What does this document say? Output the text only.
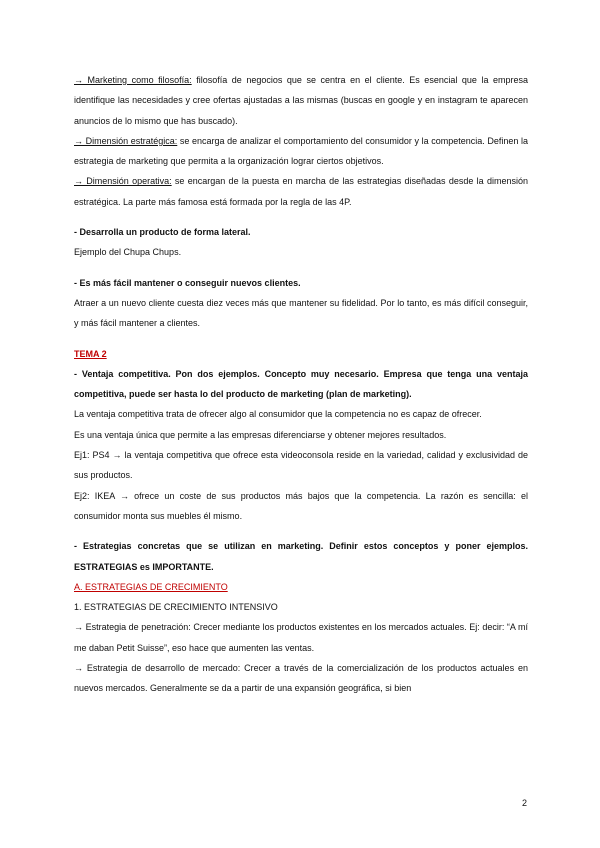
→ Marketing como filosofía: filosofía de negocios que se centra en el cliente. Es esencial que la empresa identifique las necesidades y cree ofertas ajustadas a las mismas (buscas en google y en instagram te aparecen anuncios de lo mismo que has buscado).

→ Dimensión estratégica: se encarga de analizar el comportamiento del consumidor y la competencia. Definen la estrategia de marketing que permita a la organización lograr ciertos objetivos.

→ Dimensión operativa: se encargan de la puesta en marcha de las estrategias diseñadas desde la dimensión estratégica. La parte más famosa está formada por la regla de las 4P.

- Desarrolla un producto de forma lateral.

Ejemplo del Chupa Chups.

- Es más fácil mantener o conseguir nuevos clientes.

Atraer a un nuevo cliente cuesta diez veces más que mantener su fidelidad. Por lo tanto, es más difícil conseguir, y más fácil mantener a clientes.

TEMA 2

- Ventaja competitiva. Pon dos ejemplos. Concepto muy necesario. Empresa que tenga una ventaja competitiva, puede ser hasta lo del producto de marketing (plan de marketing).

La ventaja competitiva trata de ofrecer algo al consumidor que la competencia no es capaz de ofrecer.

Es una ventaja única que permite a las empresas diferenciarse y obtener mejores resultados.

Ej1: PS4 → la ventaja competitiva que ofrece esta videoconsola reside en la variedad, calidad y exclusividad de sus productos.

Ej2: IKEA → ofrece un coste de sus productos más bajos que la competencia. La razón es sencilla: el consumidor monta sus muebles él mismo.

- Estrategias concretas que se utilizan en marketing. Definir estos conceptos y poner ejemplos. ESTRATEGIAS es IMPORTANTE.

A. ESTRATEGIAS DE CRECIMIENTO

1. ESTRATEGIAS DE CRECIMIENTO INTENSIVO

→ Estrategia de penetración: Crecer mediante los productos existentes en los mercados actuales. Ej: decir: “A mí me daban Petit Suisse”, eso hace que aumenten las ventas.

→ Estrategia de desarrollo de mercado: Crecer a través de la comercialización de los productos actuales en nuevos mercados. Generalmente se da a partir de una expansión geográfica, si bien

2
